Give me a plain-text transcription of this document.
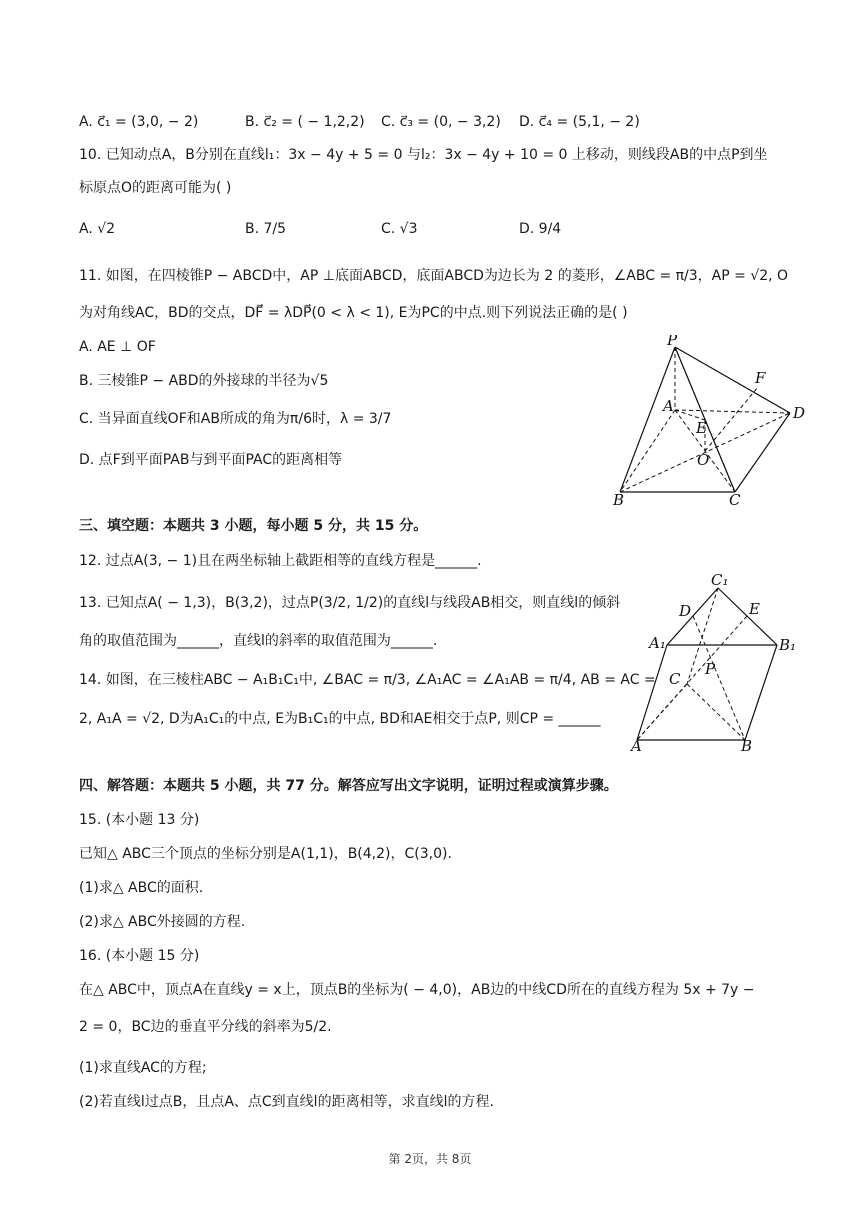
A. c⃗₁ = (3,0, − 2)	B. c⃗₂ = ( − 1,2,2) C. c⃗₃ = (0, − 3,2) D. c⃗₄ = (5,1, − 2)
10. 已知动点A，B分别在直线l₁：3x − 4y + 5 = 0 与l₂：3x − 4y + 10 = 0 上移动，则线段AB的中点P到坐
标原点O的距离可能为( )
A. √2	B. 7/5	C. √3	D. 9/4
11. 如图，在四棱锥P − ABCD中，AP ⊥底面ABCD，底面ABCD为边长为 2 的菱形，∠ABC = π/3，AP = √2, O
为对角线AC，BD的交点，DF⃗ = λDP⃗(0 < λ < 1), E为PC的中点.则下列说法正确的是( )
A. AE ⊥ OF
B. 三棱锥P − ABD的外接球的半径为√5
C. 当异面直线OF和AB所成的角为π/6时，λ = 3/7
D. 点F到平面PAB与到平面PAC的距离相等
P
F
A	D
E
O
B	C
三、填空题：本题共 3 小题，每小题 5 分，共 15 分。
12. 过点A(3, − 1)且在两坐标轴上截距相等的直线方程是______.
13. 已知点A( − 1,3)，B(3,2)，过点P(3/2, 1/2)的直线l与线段AB相交，则直线l的倾斜
角的取值范围为______，直线l的斜率的取值范围为______.
14. 如图，在三棱柱ABC − A₁B₁C₁中, ∠BAC = π/3, ∠A₁AC = ∠A₁AB = π/4, AB = AC =
2, A₁A = √2, D为A₁C₁的中点, E为B₁C₁的中点, BD和AE相交于点P, 则CP = ______
C₁
D	E
A₁	B₁
P
C
A	B
四、解答题：本题共 5 小题，共 77 分。解答应写出文字说明，证明过程或演算步骤。
15. (本小题 13 分)
已知△ ABC三个顶点的坐标分别是A(1,1)，B(4,2)，C(3,0).
(1)求△ ABC的面积.
(2)求△ ABC外接圆的方程.
16. (本小题 15 分)
在△ ABC中，顶点A在直线y = x上，顶点B的坐标为( − 4,0)，AB边的中线CD所在的直线方程为 5x + 7y −
2 = 0，BC边的垂直平分线的斜率为5/2.
(1)求直线AC的方程;
(2)若直线l过点B，且点A、点C到直线l的距离相等，求直线l的方程.
第 2页，共 8页
